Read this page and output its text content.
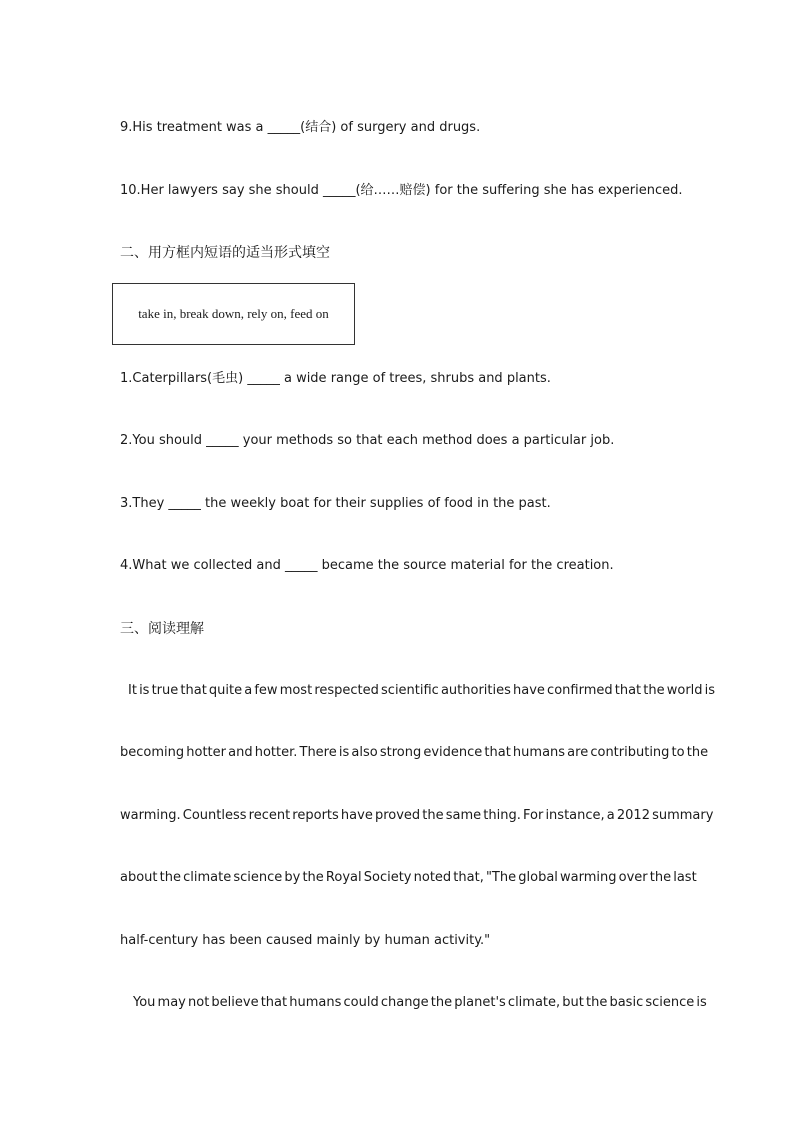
9.His treatment was a _____(结合) of surgery and drugs.
10.Her lawyers say she should _____(给……赔偿) for the suffering she has experienced.
二、用方框内短语的适当形式填空
take in, break down, rely on, feed on
1.Caterpillars(毛虫) _____ a wide range of trees, shrubs and plants.
2.You should _____ your methods so that each method does a particular job.
3.They _____ the weekly boat for their supplies of food in the past.
4.What we collected and _____ became the source material for the creation.
三、阅读理解
It is true that quite a few most respected scientific authorities have confirmed that the world is
becoming hotter and hotter. There is also strong evidence that humans are contributing to the
warming. Countless recent reports have proved the same thing. For instance, a 2012 summary
about the climate science by the Royal Society noted that, "The global warming over the last
half-century has been caused mainly by human activity."
You may not believe that humans could change the planet's climate, but the basic science is
